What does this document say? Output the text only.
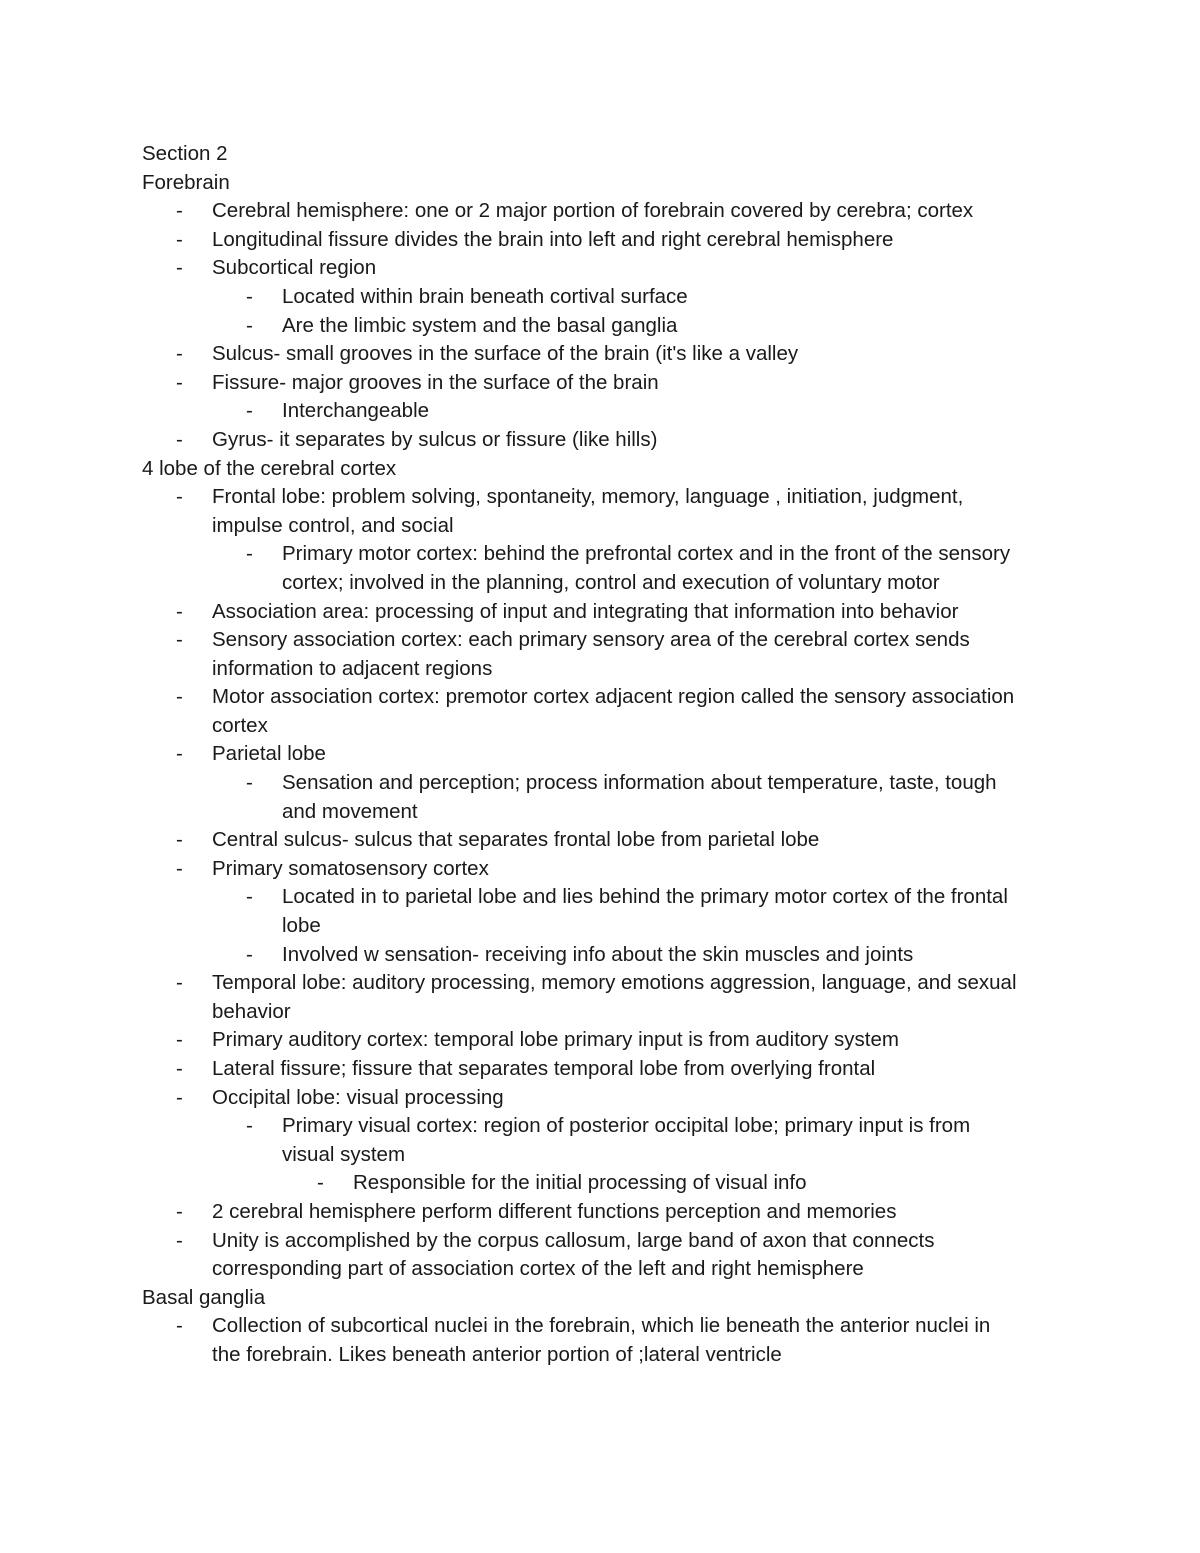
Section 2
Forebrain
- Cerebral hemisphere: one or 2 major portion of forebrain covered by cerebra; cortex
- Longitudinal fissure divides the brain into left and right cerebral hemisphere
- Subcortical region
- Located within brain beneath cortival surface
- Are the limbic system and the basal ganglia
- Sulcus- small grooves in the surface of the brain (it's like a valley
- Fissure- major grooves in the surface of the brain
- Interchangeable
- Gyrus- it separates by sulcus or fissure (like hills)
4 lobe of the cerebral cortex
- Frontal lobe: problem solving, spontaneity, memory, language , initiation, judgment,
impulse control, and social
- Primary motor cortex: behind the prefrontal cortex and in the front of the sensory
cortex; involved in the planning, control and execution of voluntary motor
- Association area: processing of input and integrating that information into behavior
- Sensory association cortex: each primary sensory area of the cerebral cortex sends
information to adjacent regions
- Motor association cortex: premotor cortex adjacent region called the sensory association
cortex
- Parietal lobe
- Sensation and perception; process information about temperature, taste, tough
and movement
- Central sulcus- sulcus that separates frontal lobe from parietal lobe
- Primary somatosensory cortex
- Located in to parietal lobe and lies behind the primary motor cortex of the frontal
lobe
- Involved w sensation- receiving info about the skin muscles and joints
- Temporal lobe: auditory processing, memory emotions aggression, language, and sexual
behavior
- Primary auditory cortex: temporal lobe primary input is from auditory system
- Lateral fissure; fissure that separates temporal lobe from overlying frontal
- Occipital lobe: visual processing
- Primary visual cortex: region of posterior occipital lobe; primary input is from
visual system
- Responsible for the initial processing of visual info
- 2 cerebral hemisphere perform different functions perception and memories
- Unity is accomplished by the corpus callosum, large band of axon that connects
corresponding part of association cortex of the left and right hemisphere
Basal ganglia
- Collection of subcortical nuclei in the forebrain, which lie beneath the anterior nuclei in
the forebrain. Likes beneath anterior portion of ;lateral ventricle
